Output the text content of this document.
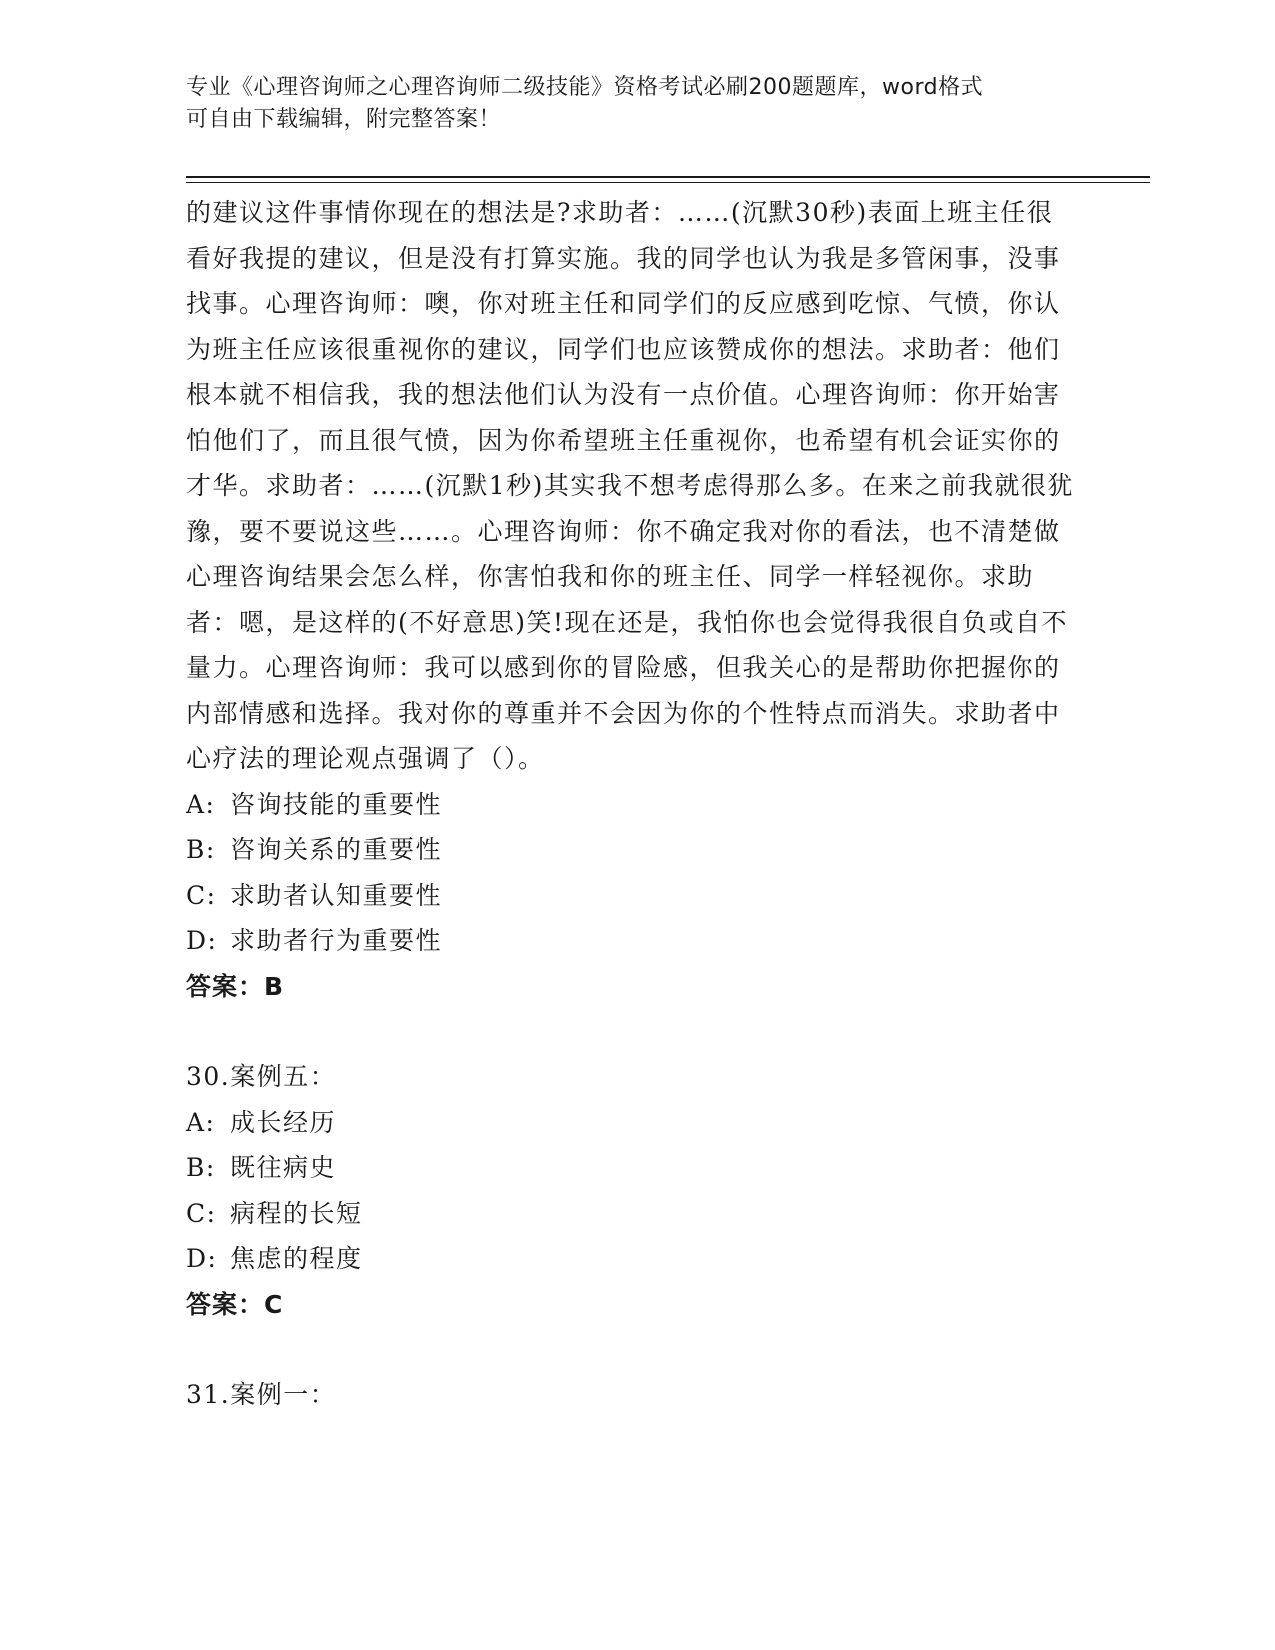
专业《心理咨询师之心理咨询师二级技能》资格考试必刷200题题库，word格式
可自由下载编辑，附完整答案！

的建议这件事情你现在的想法是?求助者：……(沉默30秒)表面上班主任很看好我提的建议，但是没有打算实施。我的同学也认为我是多管闲事，没事找事。心理咨询师：噢，你对班主任和同学们的反应感到吃惊、气愤，你认为班主任应该很重视你的建议，同学们也应该赞成你的想法。求助者：他们根本就不相信我，我的想法他们认为没有一点价值。心理咨询师：你开始害怕他们了，而且很气愤，因为你希望班主任重视你，也希望有机会证实你的才华。求助者：……(沉默1秒)其实我不想考虑得那么多。在来之前我就很犹豫，要不要说这些……。心理咨询师：你不确定我对你的看法，也不清楚做心理咨询结果会怎么样，你害怕我和你的班主任、同学一样轻视你。求助者：嗯，是这样的(不好意思)笑!现在还是，我怕你也会觉得我很自负或自不量力。心理咨询师：我可以感到你的冒险感，但我关心的是帮助你把握你的内部情感和选择。我对你的尊重并不会因为你的个性特点而消失。求助者中心疗法的理论观点强调了（）。

A: 咨询技能的重要性
B: 咨询关系的重要性
C: 求助者认知重要性
D: 求助者行为重要性
答案：B
30.案例五：
A: 成长经历
B: 既往病史
C: 病程的长短
D: 焦虑的程度
答案：C
31.案例一：
